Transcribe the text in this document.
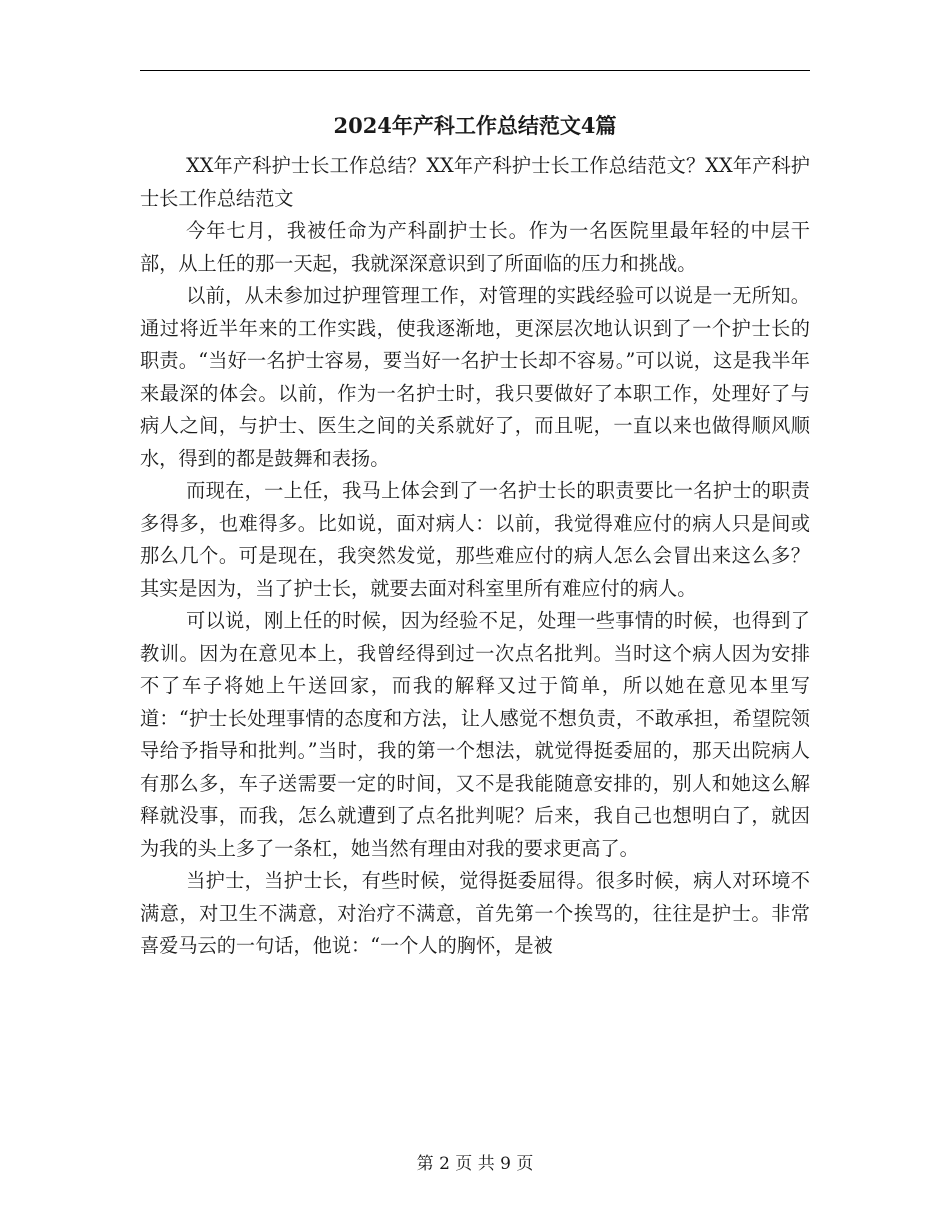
2024年产科工作总结范文4篇

XX年产科护士长工作总结？XX年产科护士长工作总结范文？XX年产科护士长工作总结范文

今年七月，我被任命为产科副护士长。作为一名医院里最年轻的中层干部，从上任的那一天起，我就深深意识到了所面临的压力和挑战。

以前，从未参加过护理管理工作，对管理的实践经验可以说是一无所知。通过将近半年来的工作实践，使我逐渐地，更深层次地认识到了一个护士长的职责。“当好一名护士容易，要当好一名护士长却不容易。”可以说，这是我半年来最深的体会。以前，作为一名护士时，我只要做好了本职工作，处理好了与病人之间，与护士、医生之间的关系就好了，而且呢，一直以来也做得顺风顺水，得到的都是鼓舞和表扬。

而现在，一上任，我马上体会到了一名护士长的职责要比一名护士的职责多得多，也难得多。比如说，面对病人：以前，我觉得难应付的病人只是间或那么几个。可是现在，我突然发觉，那些难应付的病人怎么会冒出来这么多？其实是因为，当了护士长，就要去面对科室里所有难应付的病人。

可以说，刚上任的时候，因为经验不足，处理一些事情的时候，也得到了教训。因为在意见本上，我曾经得到过一次点名批判。当时这个病人因为安排不了车子将她上午送回家，而我的解释又过于简单，所以她在意见本里写道：“护士长处理事情的态度和方法，让人感觉不想负责，不敢承担，希望院领导给予指导和批判。”当时，我的第一个想法，就觉得挺委屈的，那天出院病人有那么多，车子送需要一定的时间，又不是我能随意安排的，别人和她这么解释就没事，而我，怎么就遭到了点名批判呢？后来，我自己也想明白了，就因为我的头上多了一条杠，她当然有理由对我的要求更高了。

当护士，当护士长，有些时候，觉得挺委屈得。很多时候，病人对环境不满意，对卫生不满意，对治疗不满意，首先第一个挨骂的，往往是护士。非常喜爱马云的一句话，他说：“一个人的胸怀，是被

第 2 页 共 9 页
